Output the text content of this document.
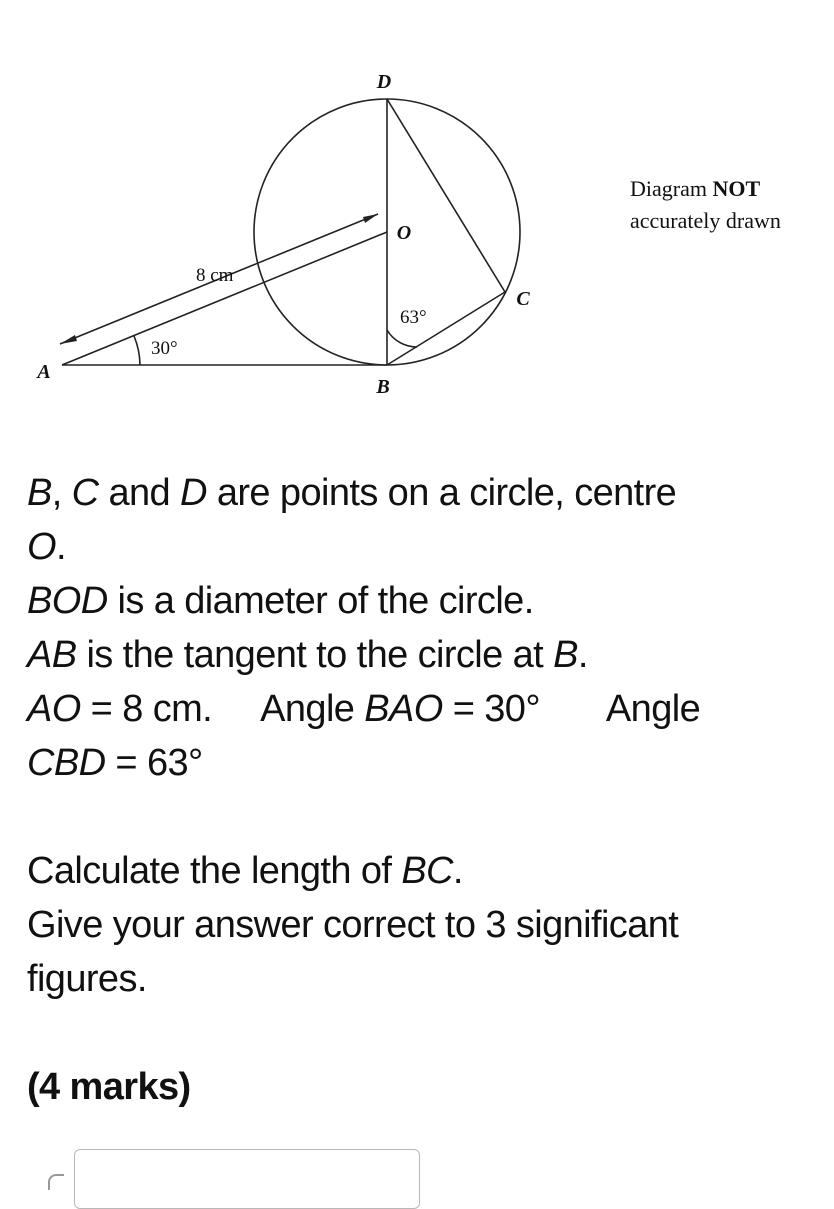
D
O
C
A
B
8 cm
30°
63°
Diagram NOT
accurately drawn

B, C and D are points on a circle, centre

O.

BOD is a diameter of the circle.

AB is the tangent to the circle at B.

AO = 8 cm. Angle BAO = 30° Angle

CBD = 63°

Calculate the length of BC.

Give your answer correct to 3 significant

figures.

(4 marks)
